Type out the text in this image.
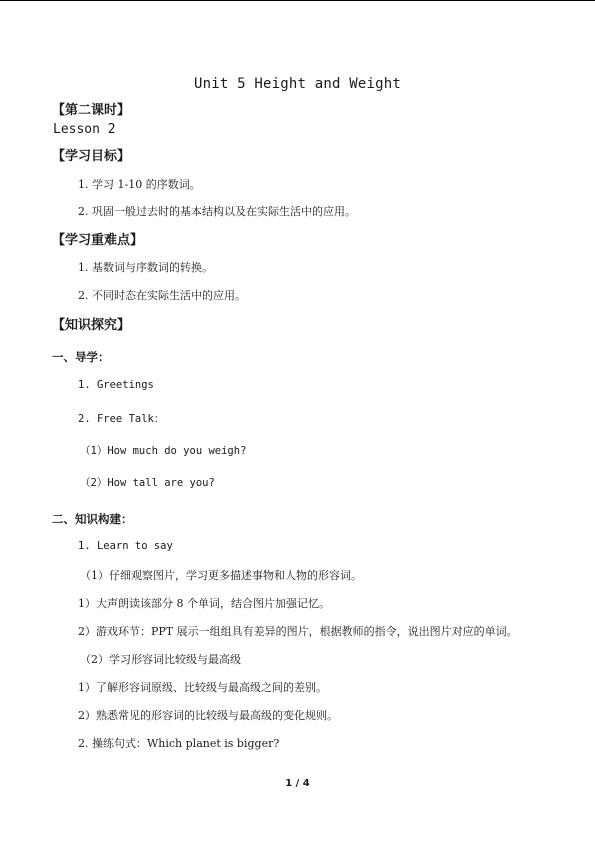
Unit 5 Height and Weight
【第二课时】
Lesson 2
【学习目标】
1. 学习 1-10 的序数词。
2. 巩固一般过去时的基本结构以及在实际生活中的应用。
【学习重难点】
1. 基数词与序数词的转换。
2. 不同时态在实际生活中的应用。
【知识探究】
一、导学：
1. Greetings
2. Free Talk：
（1）How much do you weigh?
（2）How tall are you?
二、知识构建：
1. Learn to say
（1）仔细观察图片，学习更多描述事物和人物的形容词。
1）大声朗读该部分 8 个单词，结合图片加强记忆。
2）游戏环节：PPT 展示一组组具有差异的图片，根据教师的指令，说出图片对应的单词。
（2）学习形容词比较级与最高级
1）了解形容词原级、比较级与最高级之间的差别。
2）熟悉常见的形容词的比较级与最高级的变化规则。
2. 操练句式：Which planet is bigger?
1 / 4
